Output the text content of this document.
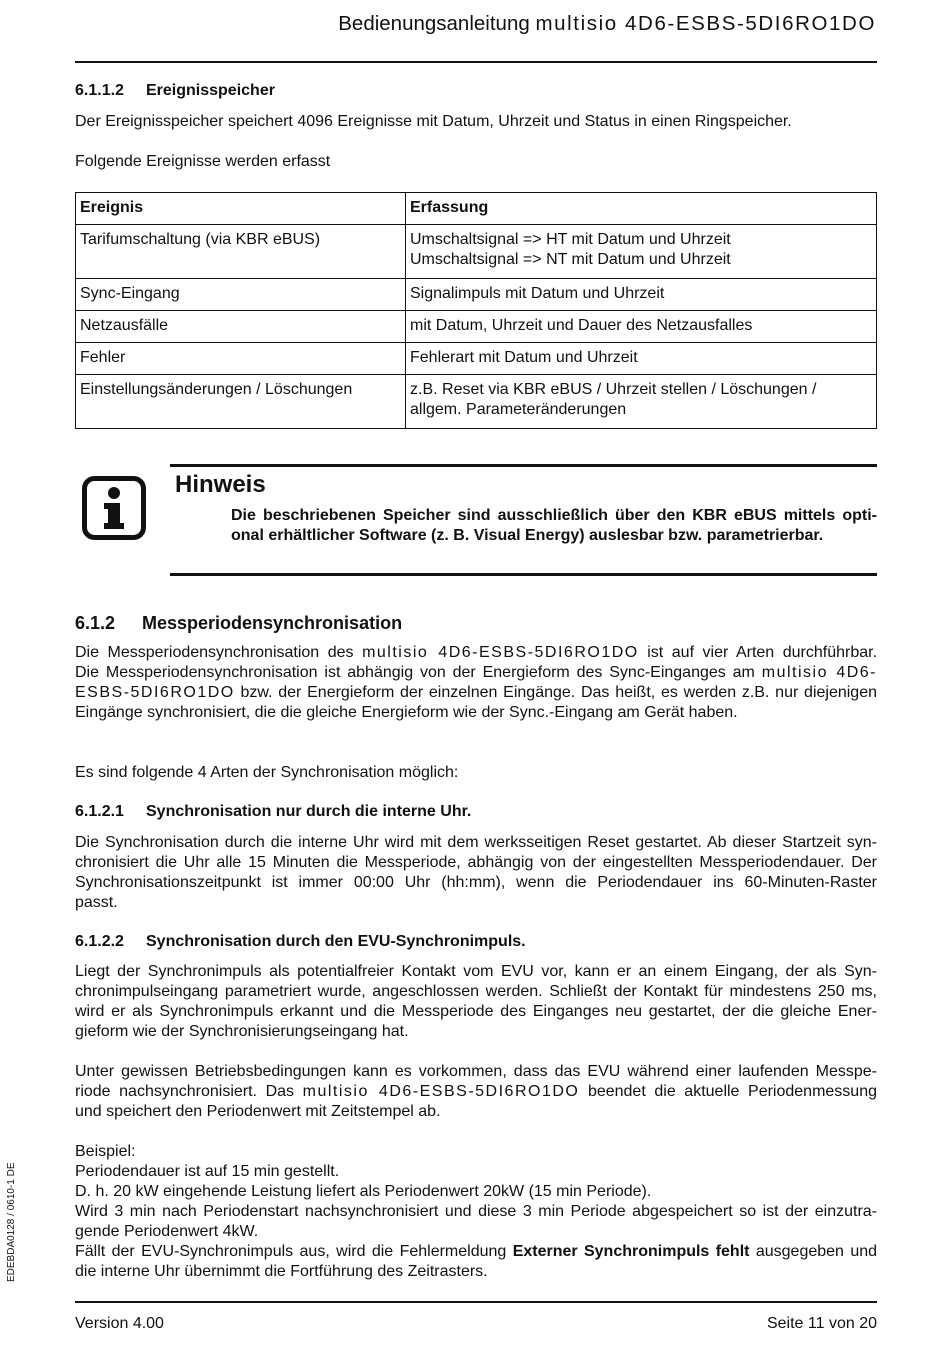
Bedienungsanleitung multisio 4D6-ESBS-5DI6RO1DO
6.1.1.2 Ereignisspeicher
Der Ereignisspeicher speichert 4096 Ereignisse mit Datum, Uhrzeit und Status in einen Ringspeicher.
Folgende Ereignisse werden erfasst
Ereignis	Erfassung
Tarifumschaltung (via KBR eBUS)	Umschaltsignal => HT mit Datum und Uhrzeit
Umschaltsignal => NT mit Datum und Uhrzeit

Sync-Eingang	Signalimpuls mit Datum und Uhrzeit
Netzausfälle	mit Datum, Uhrzeit und Dauer des Netzausfalles
Fehler	Fehlerart mit Datum und Uhrzeit
Einstellungsänderungen / Löschungen	z.B. Reset via KBR eBUS / Uhrzeit stellen / Löschungen /
allgem. Parameteränderungen
Hinweis
Die beschriebenen Speicher sind ausschließlich über den KBR eBUS mittels opti-
onal erhältlicher Software (z. B. Visual Energy) auslesbar bzw. parametrierbar.
6.1.2 Messperiodensynchronisation
Die Messperiodensynchronisation des multisio 4D6-ESBS-5DI6RO1DO ist auf vier Arten durchführbar.
Die Messperiodensynchronisation ist abhängig von der Energieform des Sync-Einganges am multisio 4D6-
ESBS-5DI6RO1DO bzw. der Energieform der einzelnen Eingänge. Das heißt, es werden z.B. nur diejenigen
Eingänge synchronisiert, die die gleiche Energieform wie der Sync.-Eingang am Gerät haben.
Es sind folgende 4 Arten der Synchronisation möglich:
6.1.2.1 Synchronisation nur durch die interne Uhr.
Die Synchronisation durch die interne Uhr wird mit dem werksseitigen Reset gestartet. Ab dieser Startzeit syn-
chronisiert die Uhr alle 15 Minuten die Messperiode, abhängig von der eingestellten Messperiodendauer. Der
Synchronisationszeitpunkt ist immer 00:00 Uhr (hh:mm), wenn die Periodendauer ins 60-Minuten-Raster
passt.
6.1.2.2 Synchronisation durch den EVU-Synchronimpuls.
Liegt der Synchronimpuls als potentialfreier Kontakt vom EVU vor, kann er an einem Eingang, der als Syn-
chronimpulseingang parametriert wurde, angeschlossen werden. Schließt der Kontakt für mindestens 250 ms,
wird er als Synchronimpuls erkannt und die Messperiode des Einganges neu gestartet, der die gleiche Ener-
gieform wie der Synchronisierungseingang hat.
Unter gewissen Betriebsbedingungen kann es vorkommen, dass das EVU während einer laufenden Messpe-
riode nachsynchronisiert. Das multisio 4D6-ESBS-5DI6RO1DO beendet die aktuelle Periodenmessung
und speichert den Periodenwert mit Zeitstempel ab.
Beispiel:
Periodendauer ist auf 15 min gestellt.
D. h. 20 kW eingehende Leistung liefert als Periodenwert 20kW (15 min Periode).
Wird 3 min nach Periodenstart nachsynchronisiert und diese 3 min Periode abgespeichert so ist der einzutra-
gende Periodenwert 4kW.
Fällt der EVU-Synchronimpuls aus, wird die Fehlermeldung Externer Synchronimpuls fehlt ausgegeben und
die interne Uhr übernimmt die Fortführung des Zeitrasters.
EDEBDA0128 / 0610-1 DE
Version 4.00	Seite 11 von 20
